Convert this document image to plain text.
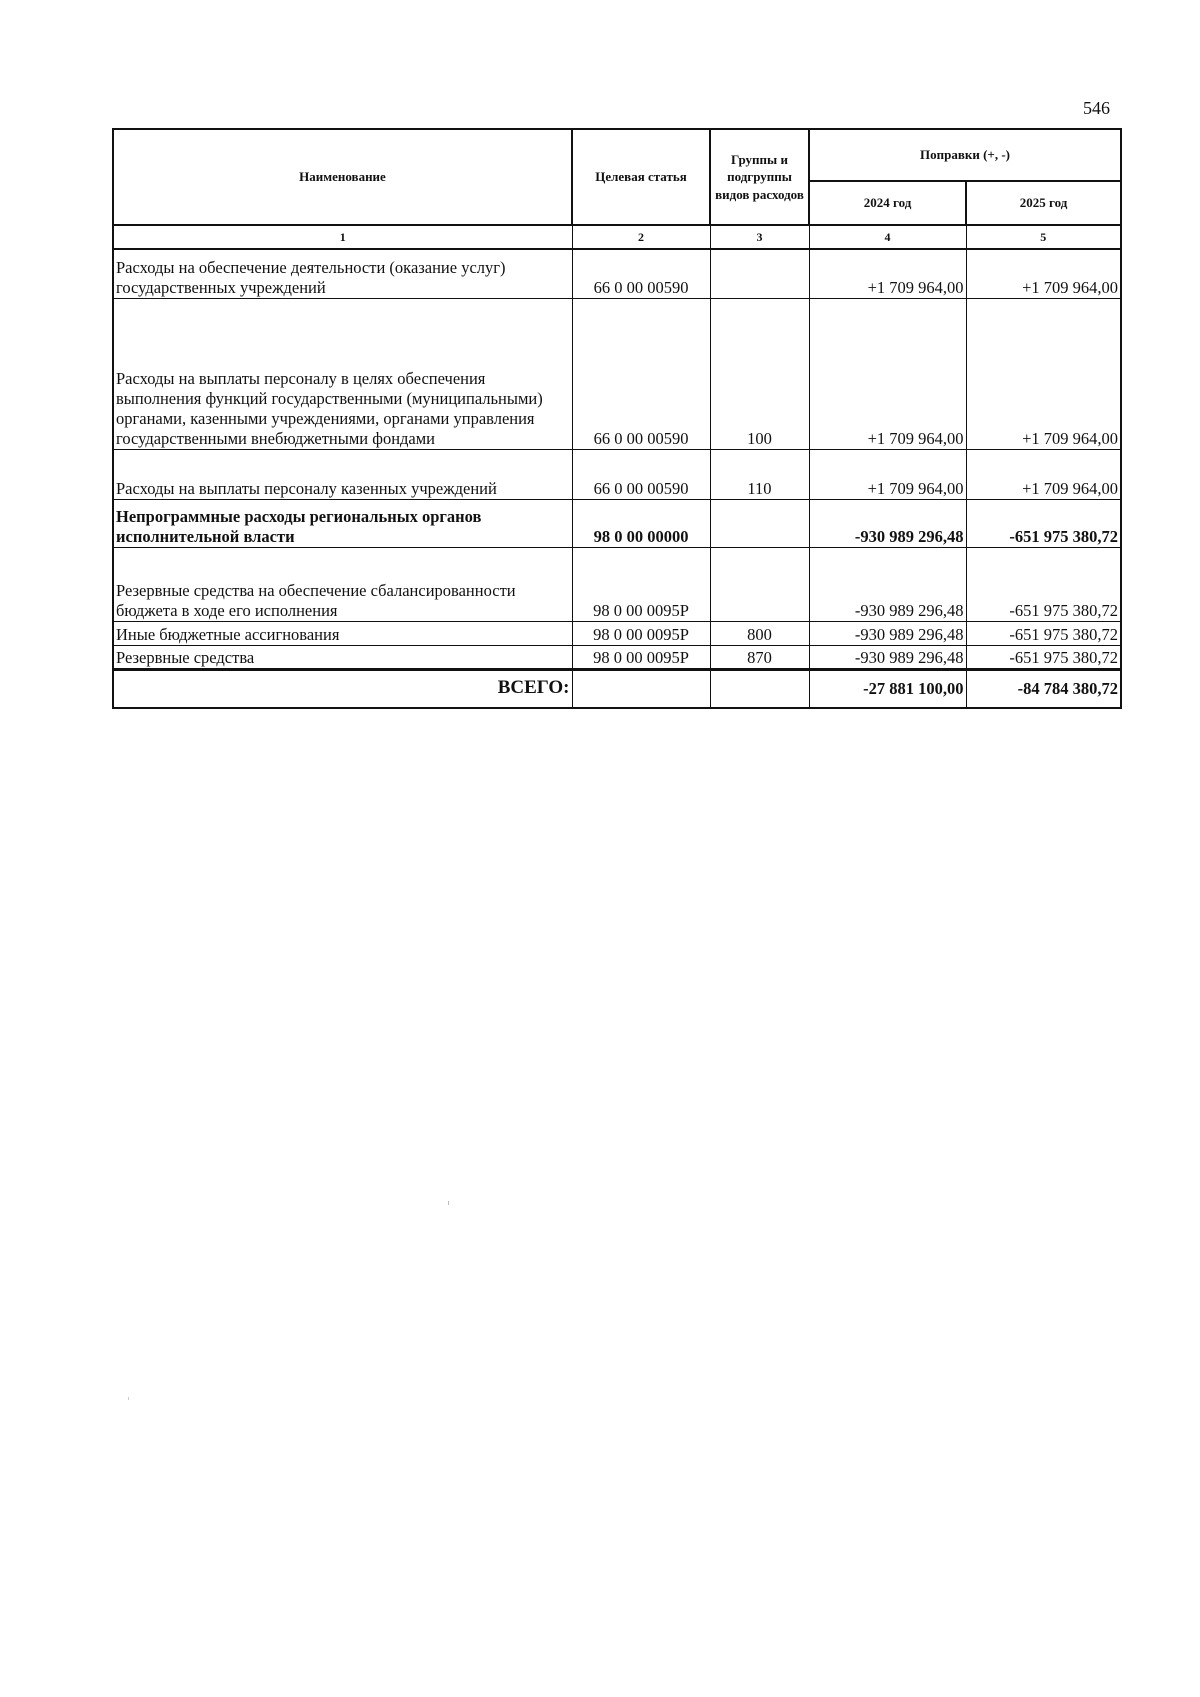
546
Наименование	Целевая статья	Группы и подгруппы видов расходов	Поправки (+, -)	
			2024 год	2025 год
1	2	3	4	5
Расходы на обеспечение деятельности (оказание услуг) государственных учреждений	66 0 00 00590		+1 709 964,00	+1 709 964,00
Расходы на выплаты персоналу в целях обеспечения выполнения функций государственными (муниципальными) органами, казенными учреждениями, органами управления государственными внебюджетными фондами	66 0 00 00590	100	+1 709 964,00	+1 709 964,00
Расходы на выплаты персоналу казенных учреждений	66 0 00 00590	110	+1 709 964,00	+1 709 964,00
Непрограммные расходы региональных органов исполнительной власти	98 0 00 00000		-930 989 296,48	-651 975 380,72
Резервные средства на обеспечение сбалансированности бюджета в ходе его исполнения	98 0 00 0095P		-930 989 296,48	-651 975 380,72
Иные бюджетные ассигнования	98 0 00 0095P	800	-930 989 296,48	-651 975 380,72
Резервные средства	98 0 00 0095P	870	-930 989 296,48	-651 975 380,72
ВСЕГО:			-27 881 100,00	-84 784 380,72
